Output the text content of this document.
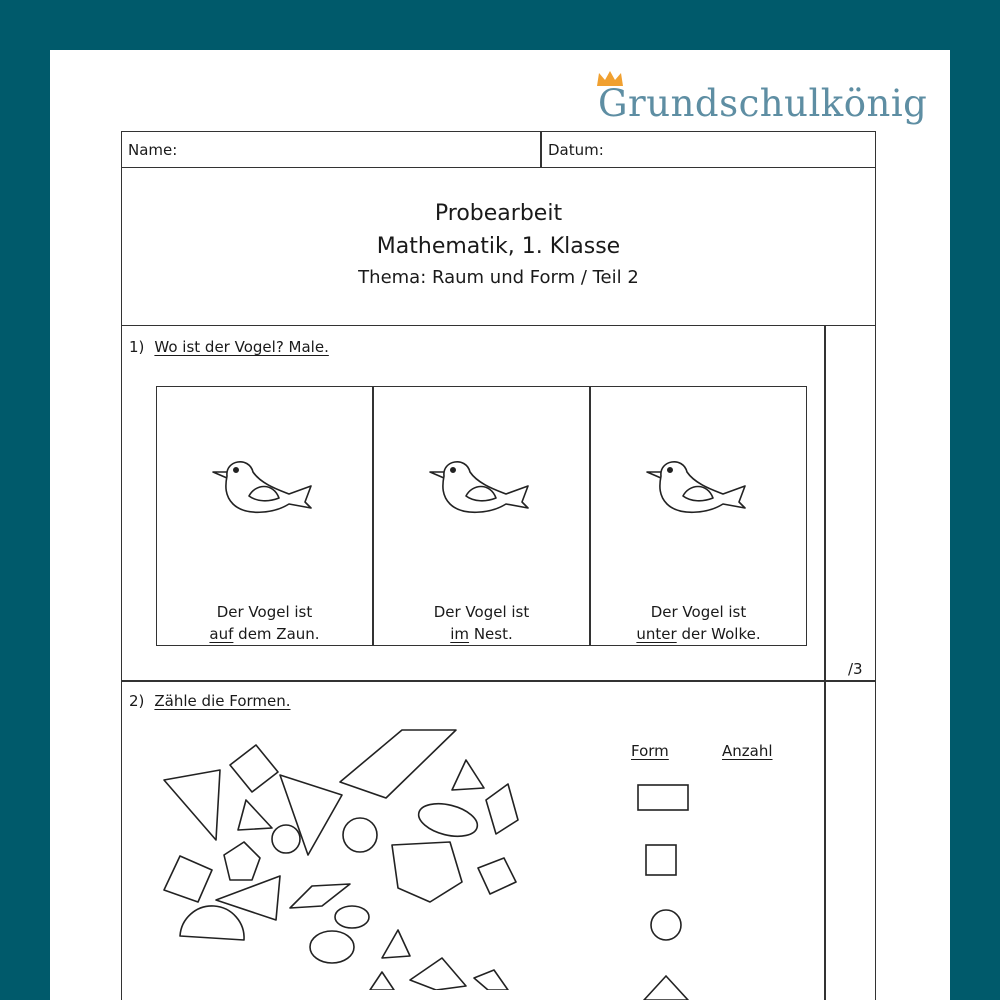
Grundschulkönig
Name:	Datum:
Probearbeit
Mathematik, 1. Klasse
Thema: Raum und Form / Teil 2
1) Wo ist der Vogel? Male.
Der Vogel ist
auf dem Zaun.
Der Vogel ist
im Nest.
Der Vogel ist
unter der Wolke.
/3
2) Zähle die Formen.
Form	Anzahl
